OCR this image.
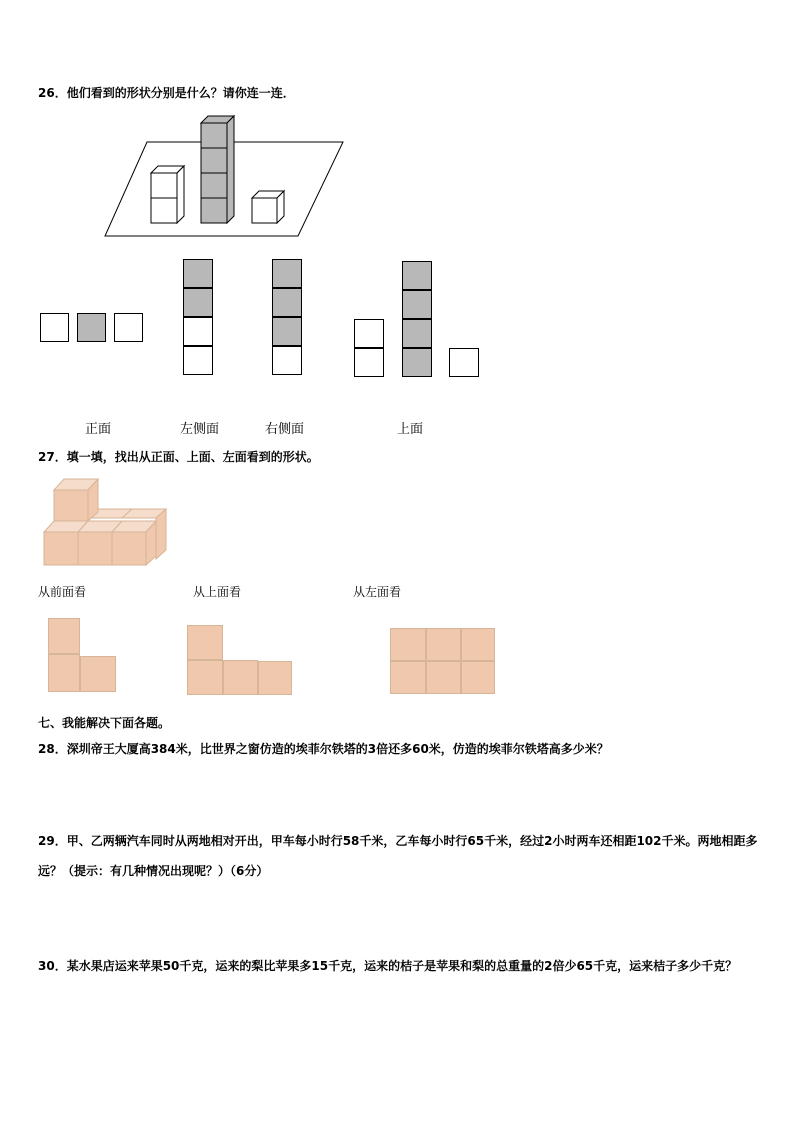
26．他们看到的形状分别是什么？请你连一连．
正面	左侧面	右侧面	上面
27．填一填，找出从正面、上面、左面看到的形状。
从前面看	从上面看	从左面看
七、我能解决下面各题。
28．深圳帝王大厦高384米，比世界之窗仿造的埃菲尔铁塔的3倍还多60米，仿造的埃菲尔铁塔高多少米？
29．甲、乙两辆汽车同时从两地相对开出，甲车每小时行58千米，乙车每小时行65千米，经过2小时两车还相距102千米。两地相距多远？（提示：有几种情况出现呢？）（6分）
30．某水果店运来苹果50千克，运来的梨比苹果多15千克，运来的桔子是苹果和梨的总重量的2倍少65千克，运来桔子多少千克？
